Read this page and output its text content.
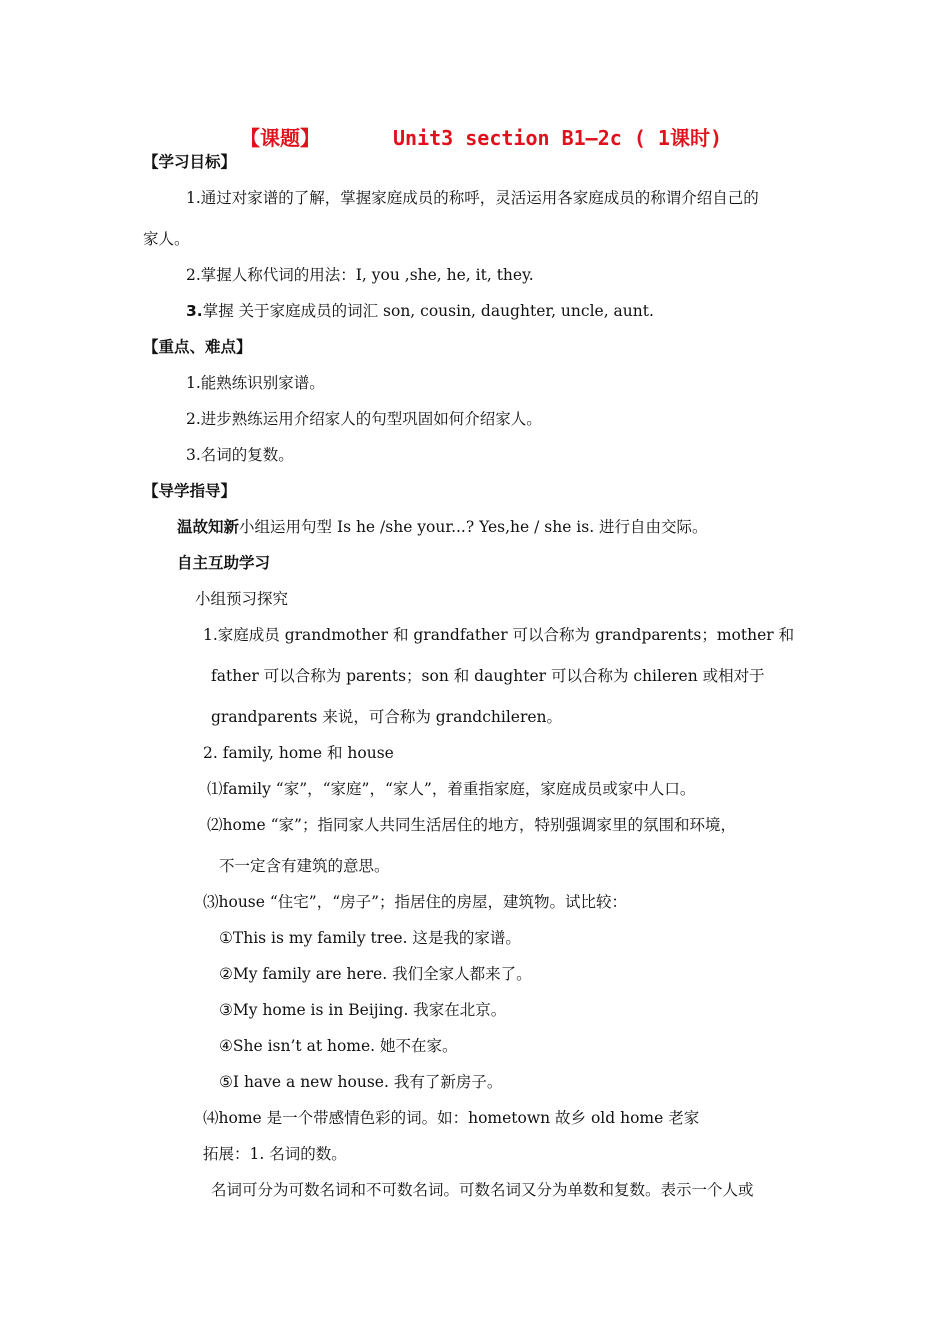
【课题】	Unit3 section B1—2c ( 1课时)
【学习目标】
1.通过对家谱的了解，掌握家庭成员的称呼，灵活运用各家庭成员的称谓介绍自己的
家人。
2.掌握人称代词的用法：I, you ,she, he, it, they.
3.掌握 关于家庭成员的词汇 son, cousin, daughter, uncle, aunt.
【重点、难点】
1.能熟练识别家谱。
2.进步熟练运用介绍家人的句型巩固如何介绍家人。
3.名词的复数。
【导学指导】
温故知新小组运用句型 Is he /she your...? Yes,he / she is. 进行自由交际。
自主互助学习
小组预习探究
1.家庭成员 grandmother 和 grandfather 可以合称为 grandparents；mother 和
father 可以合称为 parents；son 和 daughter 可以合称为 chileren 或相对于
grandparents 来说，可合称为 grandchileren。
2. family, home 和 house
⑴family “家”，“家庭”，“家人”，着重指家庭，家庭成员或家中人口。
⑵home “家”；指同家人共同生活居住的地方，特别强调家里的氛围和环境，
不一定含有建筑的意思。
⑶house “住宅”，“房子”；指居住的房屋，建筑物。试比较：
①This is my family tree. 这是我的家谱。
②My family are here. 我们全家人都来了。
③My home is in Beijing. 我家在北京。
④She isn’t at home. 她不在家。
⑤I have a new house. 我有了新房子。
⑷home 是一个带感情色彩的词。如：hometown 故乡 old home 老家
拓展：1. 名词的数。
名词可分为可数名词和不可数名词。可数名词又分为单数和复数。表示一个人或
